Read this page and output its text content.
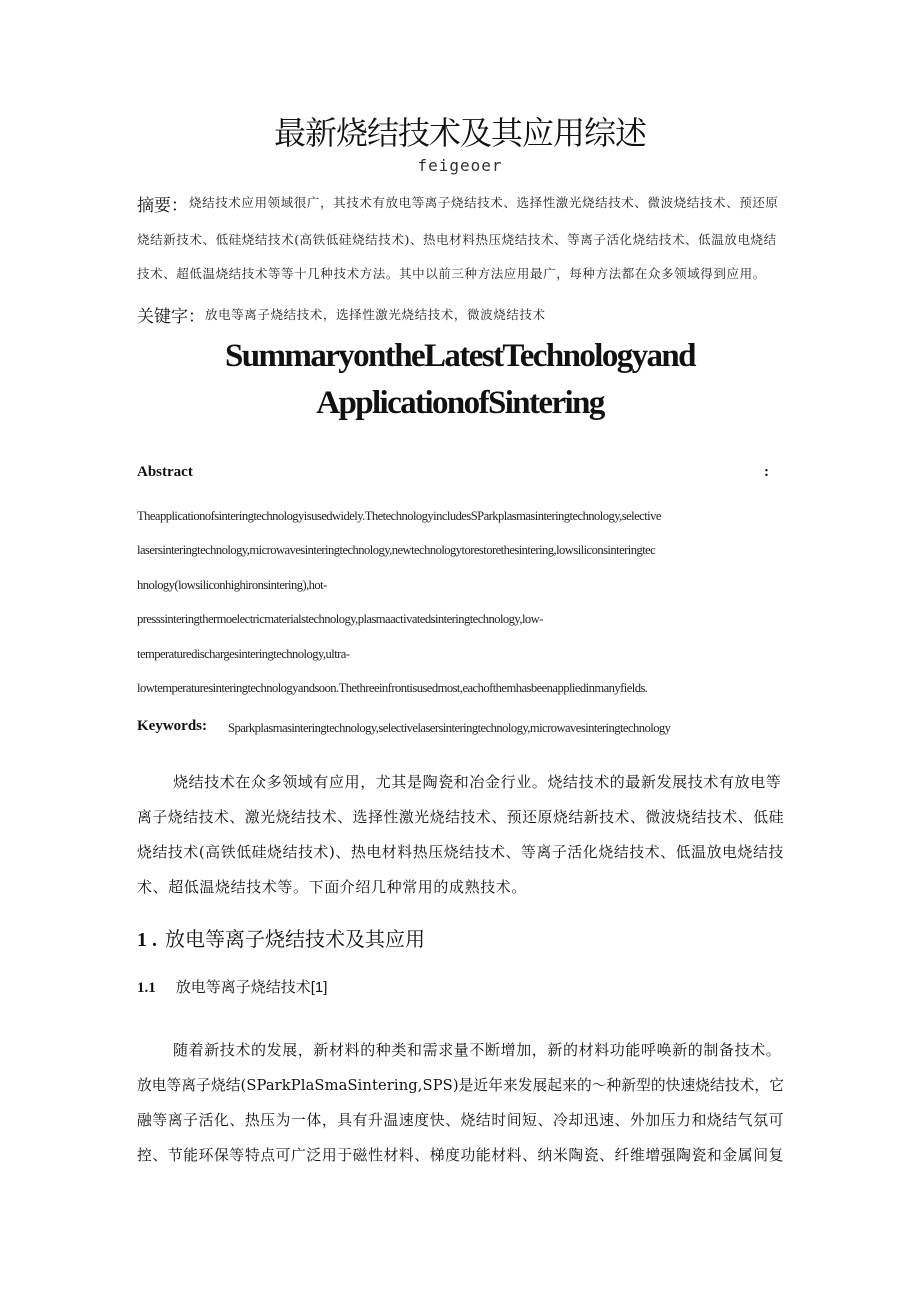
最新烧结技术及其应用综述
feigeoer
摘要： 烧结技术应用领域很广，其技术有放电等离子烧结技术、选择性激光烧结技术、微波烧结技术、预还原
烧结新技术、低硅烧结技术(高铁低硅烧结技术)、热电材料热压烧结技术、等离子活化烧结技术、低温放电烧结
技术、超低温烧结技术等等十几种技术方法。其中以前三种方法应用最广，每种方法都在众多领域得到应用。
关键字： 放电等离子烧结技术，选择性激光烧结技术，微波烧结技术
SummaryontheLatestTechnologyand
ApplicationofSintering
Abstract	:
Theapplicationofsinteringtechnologyisusedwidely.ThetechnologyincludesSParkplasmasinteringtechnology,selective
lasersinteringtechnology,microwavesinteringtechnology,newtechnologytorestorethesintering,lowsiliconsinteringtec
hnology(lowsiliconhighironsintering),hot-
presssinteringthermoelectricmaterialstechnology,plasmaactivatedsinteringtechnology,low-
temperaturedischargesinteringtechnology,ultra-
lowtemperaturesinteringtechnologyandsoon.Thethreeinfrontisusedmost,eachofthemhasbeenappliedinmanyfields.
Keywords: Sparkplasmasinteringtechnology,selectivelasersinteringtechnology,microwavesinteringtechnology
烧结技术在众多领域有应用，尤其是陶瓷和冶金行业。烧结技术的最新发展技术有放电等
离子烧结技术、激光烧结技术、选择性激光烧结技术、预还原烧结新技术、微波烧结技术、低硅
烧结技术(高铁低硅烧结技术)、热电材料热压烧结技术、等离子活化烧结技术、低温放电烧结技
术、超低温烧结技术等。下面介绍几种常用的成熟技术。
1 . 放电等离子烧结技术及其应用
1.1 放电等离子烧结技术[1]
随着新技术的发展，新材料的种类和需求量不断增加，新的材料功能呼唤新的制备技术。
放电等离子烧结(SParkPlaSmaSintering,SPS)是近年来发展起来的～种新型的快速烧结技术，它
融等离子活化、热压为一体，具有升温速度快、烧结时间短、冷却迅速、外加压力和烧结气氛可
控、节能环保等特点可广泛用于磁性材料、梯度功能材料、纳米陶瓷、纤维增强陶瓷和金属间复
